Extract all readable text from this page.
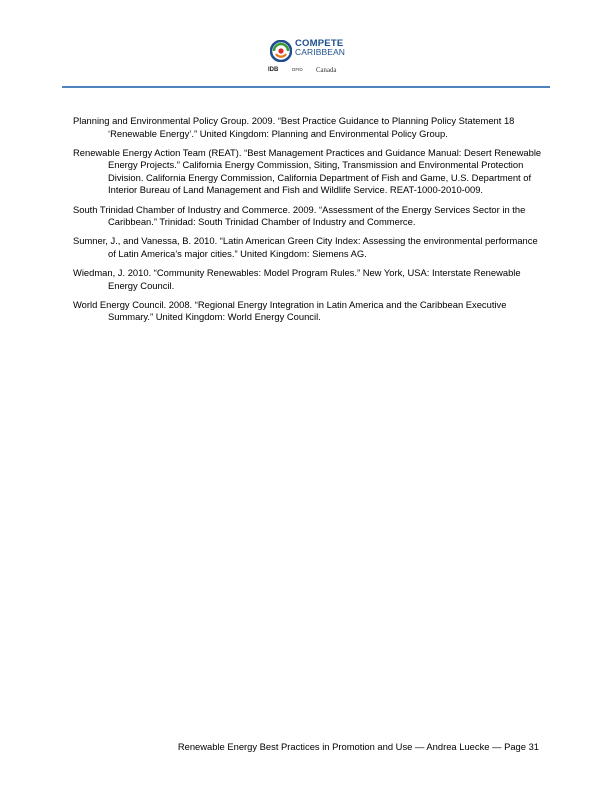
COMPETE
CARIBBEAN
IDB	DFID Canada
Planning and Environmental Policy Group. 2009. “Best Practice Guidance to Planning Policy Statement 18 ‘Renewable Energy’.” United Kingdom: Planning and Environmental Policy Group.
Renewable Energy Action Team (REAT). “Best Management Practices and Guidance Manual: Desert Renewable Energy Projects.” California Energy Commission, Siting, Transmission and Environmental Protection Division. California Energy Commission, California Department of Fish and Game, U.S. Department of Interior Bureau of Land Management and Fish and Wildlife Service. REAT-1000-2010-009.
South Trinidad Chamber of Industry and Commerce. 2009. “Assessment of the Energy Services Sector in the Caribbean.” Trinidad: South Trinidad Chamber of Industry and Commerce.
Sumner, J., and Vanessa, B. 2010. “Latin American Green City Index: Assessing the environmental performance of Latin America’s major cities.” United Kingdom: Siemens AG.
Wiedman, J. 2010. “Community Renewables: Model Program Rules.” New York, USA: Interstate Renewable Energy Council.
World Energy Council. 2008. “Regional Energy Integration in Latin America and the Caribbean Executive Summary.” United Kingdom: World Energy Council.
Renewable Energy Best Practices in Promotion and Use — Andrea Luecke — Page 31
